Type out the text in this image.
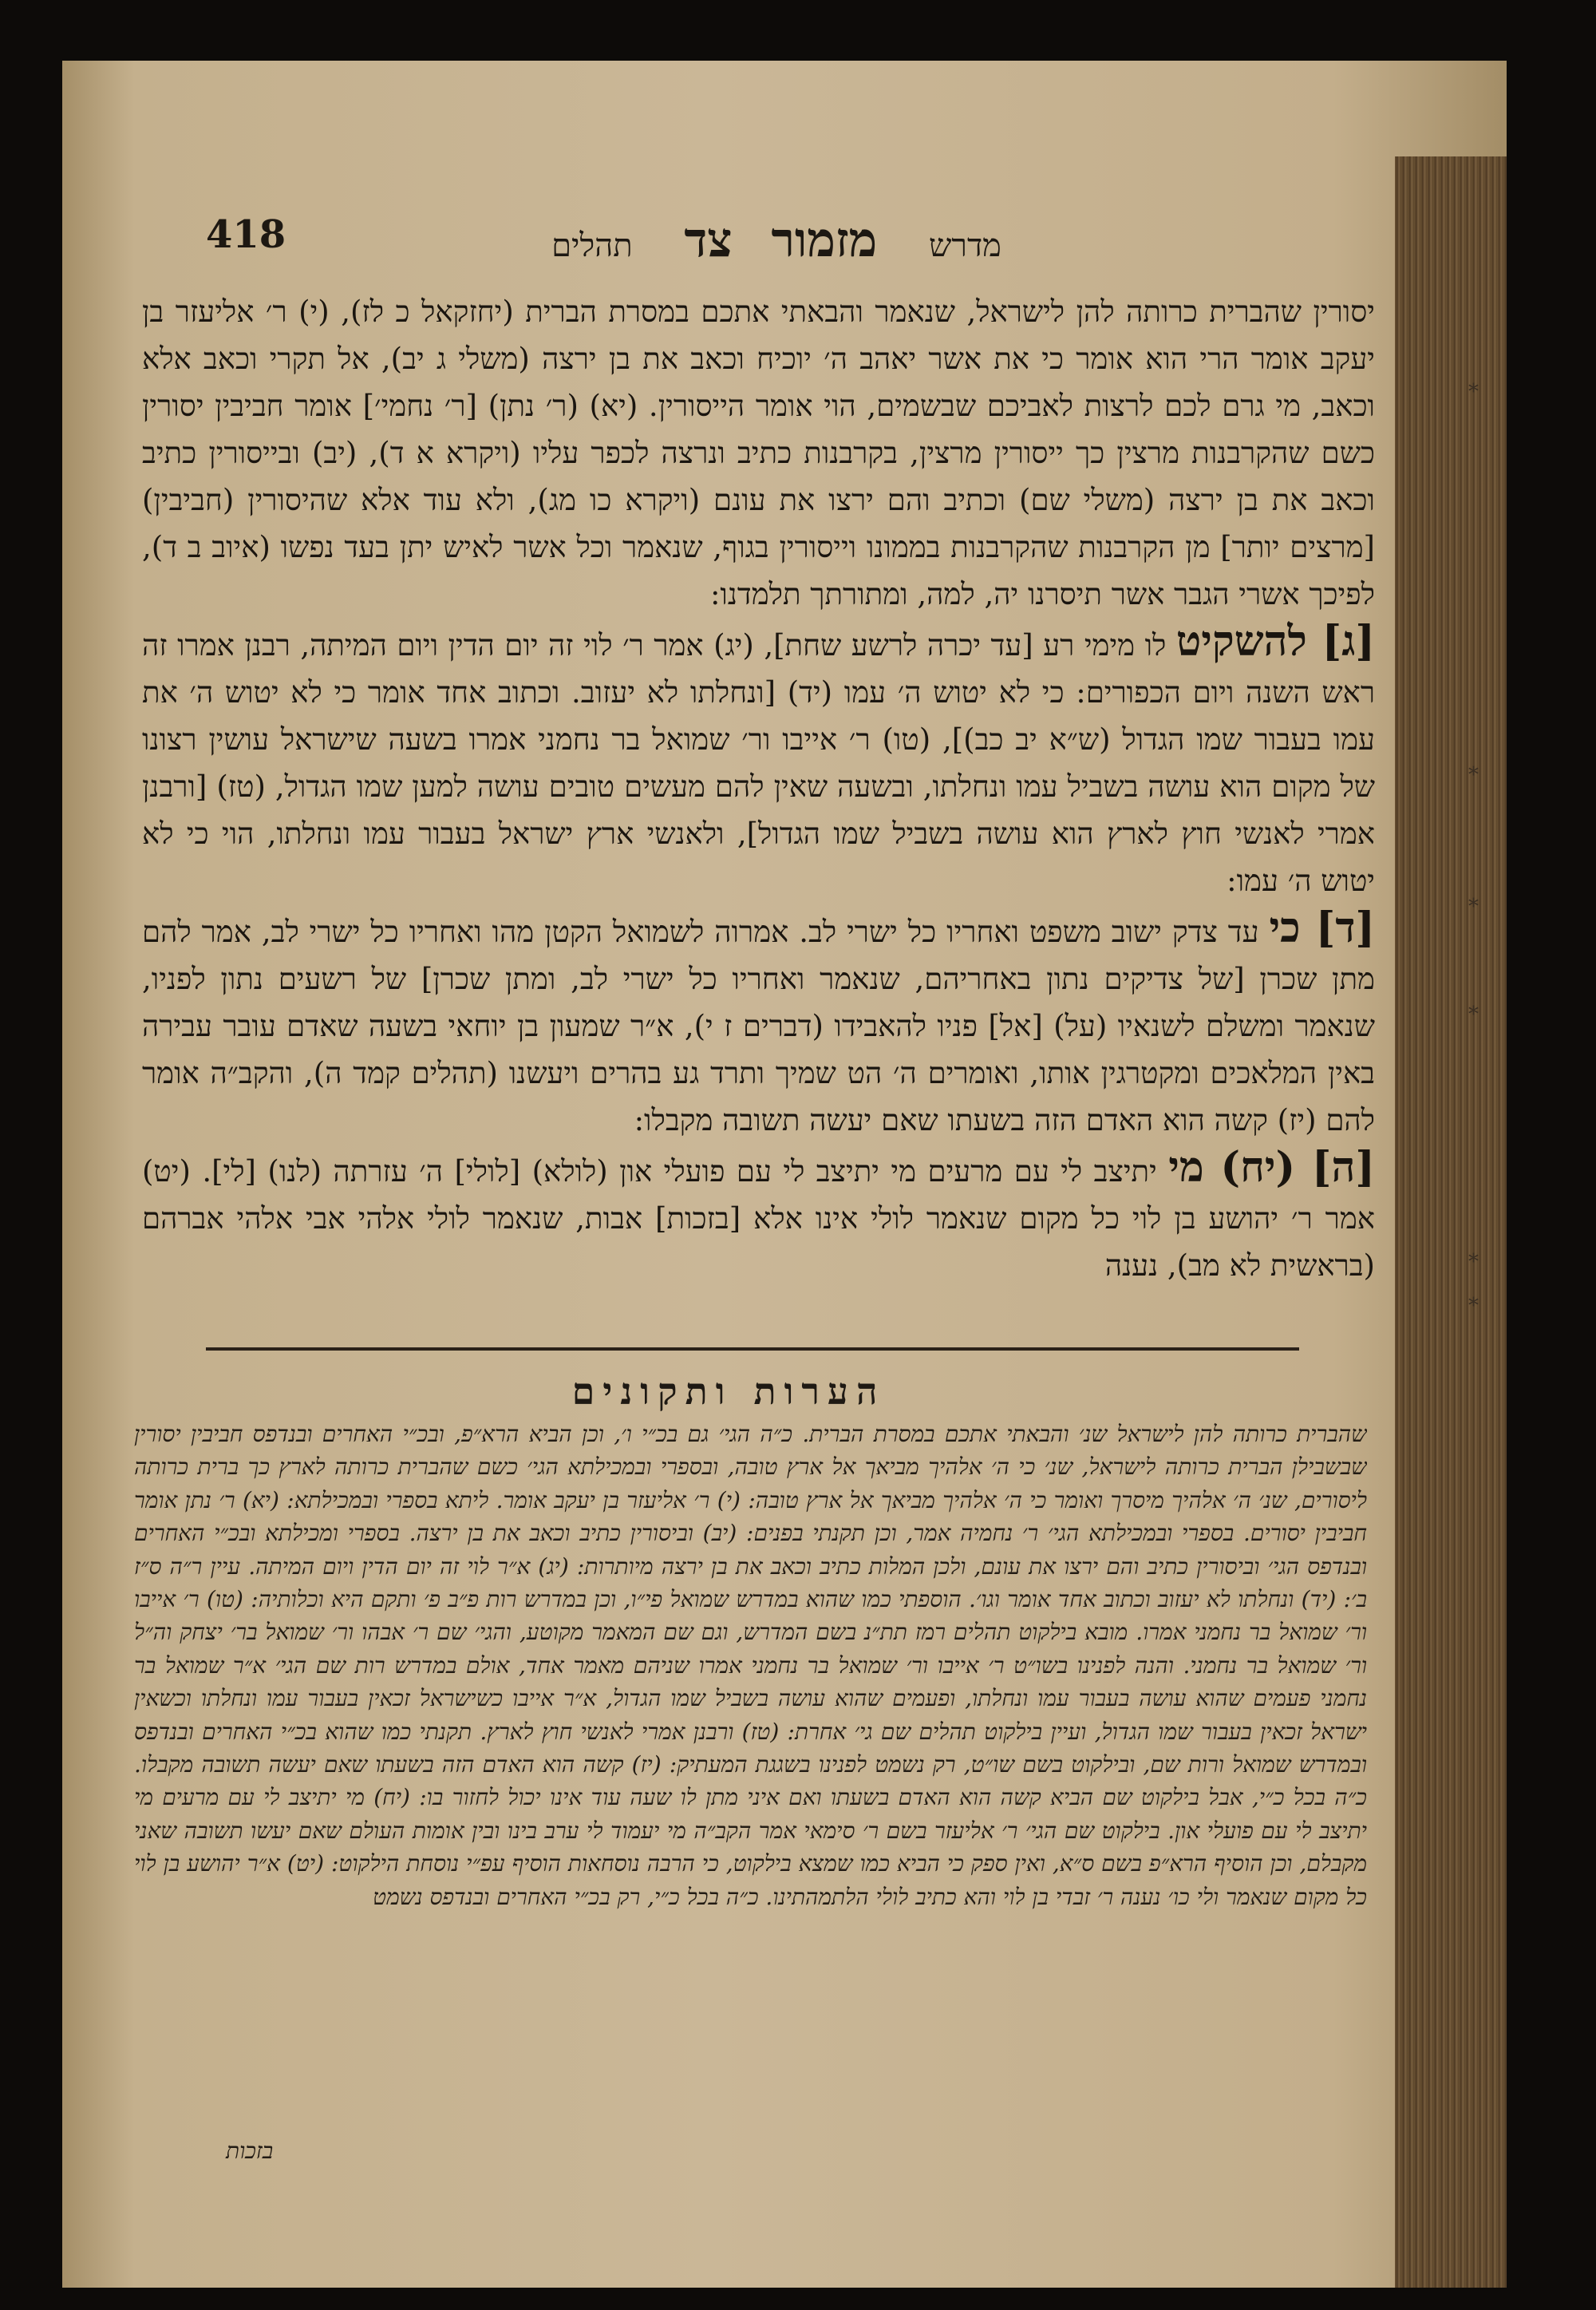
418	מדרש מזמור צד תהלים

יסורין שהברית כרותה להן לישראל, שנאמר והבאתי אתכם במסרת הברית (יחזקאל כ לז), (י) ר׳ אליעזר בן יעקב אומר הרי הוא אומר כי את אשר יאהב ה׳ יוכיח וכאב את בן ירצה (משלי ג יב), אל תקרי וכאב אלא וכאב, מי גרם לכם לרצות לאביכם שבשמים, הוי אומר הייסורין. (יא) (ר׳ נתן) [ר׳ נחמי׳] אומר חביבין יסורין כשם שהקרבנות מרצין כך ייסורין מרצין, בקרבנות כתיב ונרצה לכפר עליו (ויקרא א ד), (יב) ובייסורין כתיב וכאב את בן ירצה (משלי שם) וכתיב והם ירצו את עונם (ויקרא כו מג), ולא עוד אלא שהיסורין (חביבין) [מרצים יותר] מן הקרבנות שהקרבנות בממונו וייסורין בגוף, שנאמר וכל אשר לאיש יתן בעד נפשו (איוב ב ד), לפיכך אשרי הגבר אשר תיסרנו יה, למה, ומתורתך תלמדנו:

[ג] להשקיט לו מימי רע [עד יכרה לרשע שחת], (יג) אמר ר׳ לוי זה יום הדין ויום המיתה, רבנן אמרו זה ראש השנה ויום הכפורים: כי לא יטוש ה׳ עמו (יד) [ונחלתו לא יעזוב. וכתוב אחד אומר כי לא יטוש ה׳ את עמו בעבור שמו הגדול (ש״א יב כב)], (טו) ר׳ אייבו ור׳ שמואל בר נחמני אמרו בשעה שישראל עושין רצונו של מקום הוא עושה בשביל עמו ונחלתו, ובשעה שאין להם מעשים טובים עושה למען שמו הגדול, (טז) [ורבנן אמרי לאנשי חוץ לארץ הוא עושה בשביל שמו הגדול], ולאנשי ארץ ישראל בעבור עמו ונחלתו, הוי כי לא יטוש ה׳ עמו:

[ד] כי עד צדק ישוב משפט ואחריו כל ישרי לב. אמרוה לשמואל הקטן מהו ואחריו כל ישרי לב, אמר להם מתן שכרן [של צדיקים נתון באחריהם, שנאמר ואחריו כל ישרי לב, ומתן שכרן] של רשעים נתון לפניו, שנאמר ומשלם לשנאיו (על) [אל] פניו להאבידו (דברים ז י), א״ר שמעון בן יוחאי בשעה שאדם עובר עבירה באין המלאכים ומקטרגין אותו, ואומרים ה׳ הט שמיך ותרד גע בהרים ויעשנו (תהלים קמד ה), והקב״ה אומר להם (יז) קשה הוא האדם הזה בשעתו שאם יעשה תשובה מקבלו:

[ה] (יח) מי יתיצב לי עם מרעים מי יתיצב לי עם פועלי און (לולא) [לולי] ה׳ עזרתה (לנו) [לי]. (יט) אמר ר׳ יהושע בן לוי כל מקום שנאמר לולי אינו אלא [בזכות] אבות, שנאמר לולי אלהי אבי אלהי אברהם (בראשית לא מב), נענה

הערות ותקונים
שהברית כרותה להן לישראל שנ׳ והבאתי אתכם במסרת הברית. כ״ה הגי׳ גם בכ״י ו׳, וכן הביא הרא״פ, ובכ״י האחרים ובנדפס חביבין יסורין שבשבילן הברית כרותה לישראל, שנ׳ כי ה׳ אלהיך מביאך אל ארץ טובה, ובספרי ובמכילתא הגי׳ כשם שהברית כרותה לארץ כך ברית כרותה ליסורים, שנ׳ ה׳ אלהיך מיסרך ואומר כי ה׳ אלהיך מביאך אל ארץ טובה: (י) ר׳ אליעזר בן יעקב אומר. ליתא בספרי ובמכילתא: (יא) ר׳ נתן אומר חביבין יסורים. בספרי ובמכילתא הגי׳ ר׳ נחמיה אמר, וכן תקנתי בפנים: (יב) וביסורין כתיב וכאב את בן ירצה. בספרי ומכילתא ובכ״י האחרים ובנדפס הגי׳ וביסורין כתיב והם ירצו את עונם, ולכן המלות כתיב וכאב את בן ירצה מיותרות: (יג) א״ר לוי זה יום הדין ויום המיתה. עיין ר״ה ס״ז ב׳: (יד) ונחלתו לא יעזוב וכתוב אחד אומר וגו׳. הוספתי כמו שהוא במדרש שמואל פי״ו, וכן במדרש רות פ״ב פ׳ ותקם היא וכלותיה: (טו) ר׳ אייבו ור׳ שמואל בר נחמני אמרו. מובא בילקוט תהלים רמז תת״נ בשם המדרש, וגם שם המאמר מקוטע, והגי׳ שם ר׳ אבהו ור׳ שמואל בר׳ יצחק וה״ל ור׳ שמואל בר נחמני. והנה לפנינו בשו״ט ר׳ אייבו ור׳ שמואל בר נחמני אמרו שניהם מאמר אחד, אולם במדרש רות שם הגי׳ א״ר שמואל בר נחמני פעמים שהוא עושה בעבור עמו ונחלתו, ופעמים שהוא עושה בשביל שמו הגדול, א״ר אייבו כשישראל זכאין בעבור עמו ונחלתו וכשאין ישראל זכאין בעבור שמו הגדול, ועיין בילקוט תהלים שם גי׳ אחרת: (טז) ורבנן אמרי לאנשי חוץ לארץ. תקנתי כמו שהוא בכ״י האחרים ובנדפס ובמדרש שמואל ורות שם, ובילקוט בשם שו״ט, רק נשמט לפנינו בשגגת המעתיק: (יז) קשה הוא האדם הזה בשעתו שאם יעשה תשובה מקבלו. כ״ה בכל כ״י, אבל בילקוט שם הביא קשה הוא האדם בשעתו ואם איני מתן לו שעה עוד אינו יכול לחזור בו: (יח) מי יתיצב לי עם מרעים מי יתיצב לי עם פועלי און. בילקוט שם הגי׳ ר׳ אליעזר בשם ר׳ סימאי אמר הקב״ה מי יעמוד לי ערב בינו ובין אומות העולם שאם יעשו תשובה שאני מקבלם, וכן הוסיף הרא״פ בשם ס״א, ואין ספק כי הביא כמו שמצא בילקוט, כי הרבה נוסחאות הוסיף עפ״י נוסחת הילקוט: (יט) א״ר יהושע בן לוי כל מקום שנאמר ולי כו׳ נענה ר׳ זבדי בן לוי והא כתיב לולי הלתמהתינו. כ״ה בכל כ״י, רק בכ״י האחרים ובנדפס נשמט
בזכות
*
*
*
*
*
*
